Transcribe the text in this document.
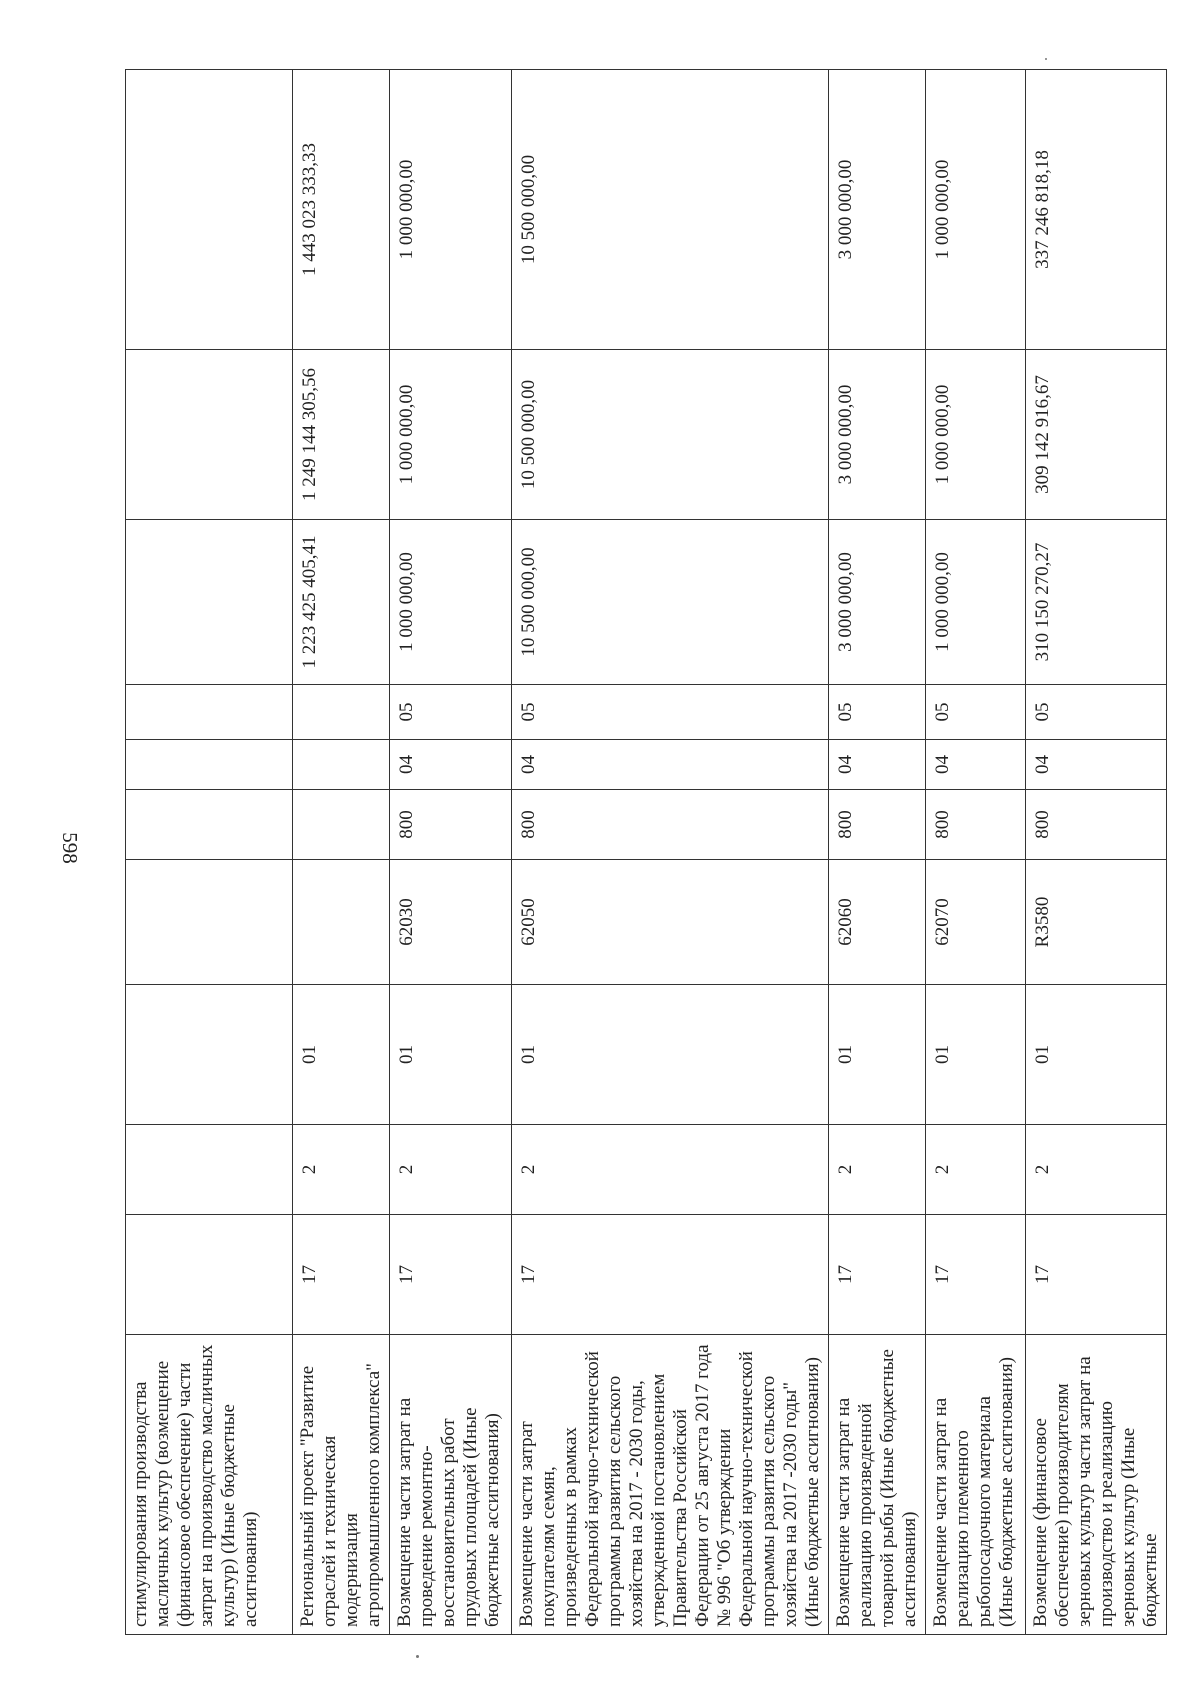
598
стимулирования производства масличных культур (возмещение (финансовое обеспечение) части затрат на производство масличных культур) (Иные бюджетные ассигнования)										
Региональный проект "Развитие отраслей и техническая модернизация агропромышленного комплекса"	17	2	01					1 223 425 405,41	1 249 144 305,56	1 443 023 333,33
Возмещение части затрат на проведение ремонтно-восстановительных работ прудовых площадей (Иные бюджетные ассигнования)	17	2	01	62030	800	04	05	1 000 000,00	1 000 000,00	1 000 000,00
Возмещение части затрат покупателям семян, произведенных в рамках Федеральной научно-технической программы развития сельского хозяйства на 2017 - 2030 годы, утвержденной постановлением Правительства Российской Федерации от 25 августа 2017 года № 996 "Об утверждении Федеральной научно-технической программы развития сельского хозяйства на 2017 -2030 годы" (Иные бюджетные ассигнования)	17	2	01	62050	800	04	05	10 500 000,00	10 500 000,00	10 500 000,00
Возмещение части затрат на реализацию произведенной товарной рыбы (Иные бюджетные ассигнования)	17	2	01	62060	800	04	05	3 000 000,00	3 000 000,00	3 000 000,00
Возмещение части затрат на реализацию племенного рыбопосадочного материала (Иные бюджетные ассигнования)	17	2	01	62070	800	04	05	1 000 000,00	1 000 000,00	1 000 000,00
Возмещение (финансовое обеспечение) производителям зерновых культур части затрат на производство и реализацию зерновых культур (Иные бюджетные	17	2	01	R3580	800	04	05	310 150 270,27	309 142 916,67	337 246 818,18
